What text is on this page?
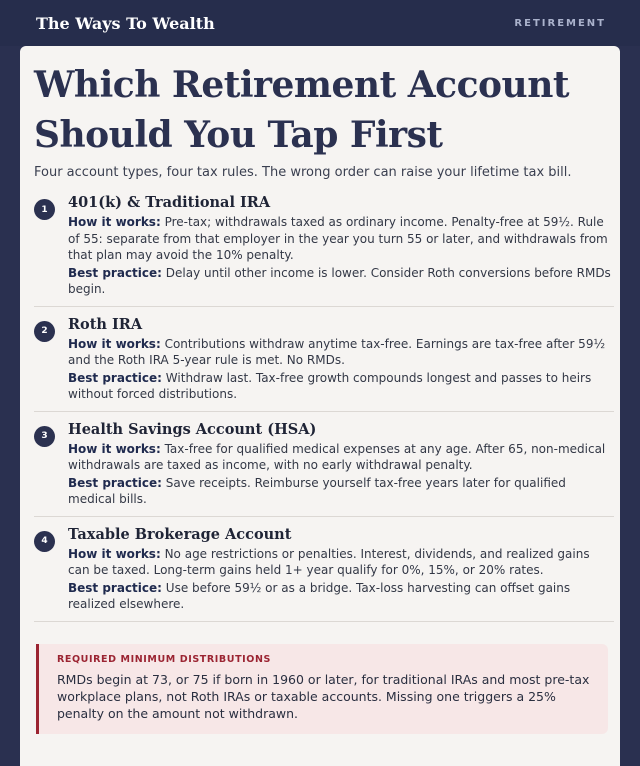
The Ways To Wealth	RETIREMENT
Which Retirement Account
Should You Tap First

Four account types, four tax rules. The wrong order can raise your lifetime tax bill.

1	401(k) & Traditional IRA
How it works: Pre-tax; withdrawals taxed as ordinary income. Penalty-free at 59½. Rule of 55: separate from that employer in the year you turn 55 or later, and withdrawals from that plan may avoid the 10% penalty.
Best practice: Delay until other income is lower. Consider Roth conversions before RMDs begin.
2	Roth IRA
How it works: Contributions withdraw anytime tax-free. Earnings are tax-free after 59½ and the Roth IRA 5-year rule is met. No RMDs.
Best practice: Withdraw last. Tax-free growth compounds longest and passes to heirs without forced distributions.
3	Health Savings Account (HSA)
How it works: Tax-free for qualified medical expenses at any age. After 65, non-medical withdrawals are taxed as income, with no early withdrawal penalty.
Best practice: Save receipts. Reimburse yourself tax-free years later for qualified medical bills.
4	Taxable Brokerage Account
How it works: No age restrictions or penalties. Interest, dividends, and realized gains can be taxed. Long-term gains held 1+ year qualify for 0%, 15%, or 20% rates.
Best practice: Use before 59½ or as a bridge. Tax-loss harvesting can offset gains realized elsewhere.
REQUIRED MINIMUM DISTRIBUTIONS
RMDs begin at 73, or 75 if born in 1960 or later, for traditional IRAs and most pre-tax workplace plans, not Roth IRAs or taxable accounts. Missing one triggers a 25% penalty on the amount not withdrawn.
